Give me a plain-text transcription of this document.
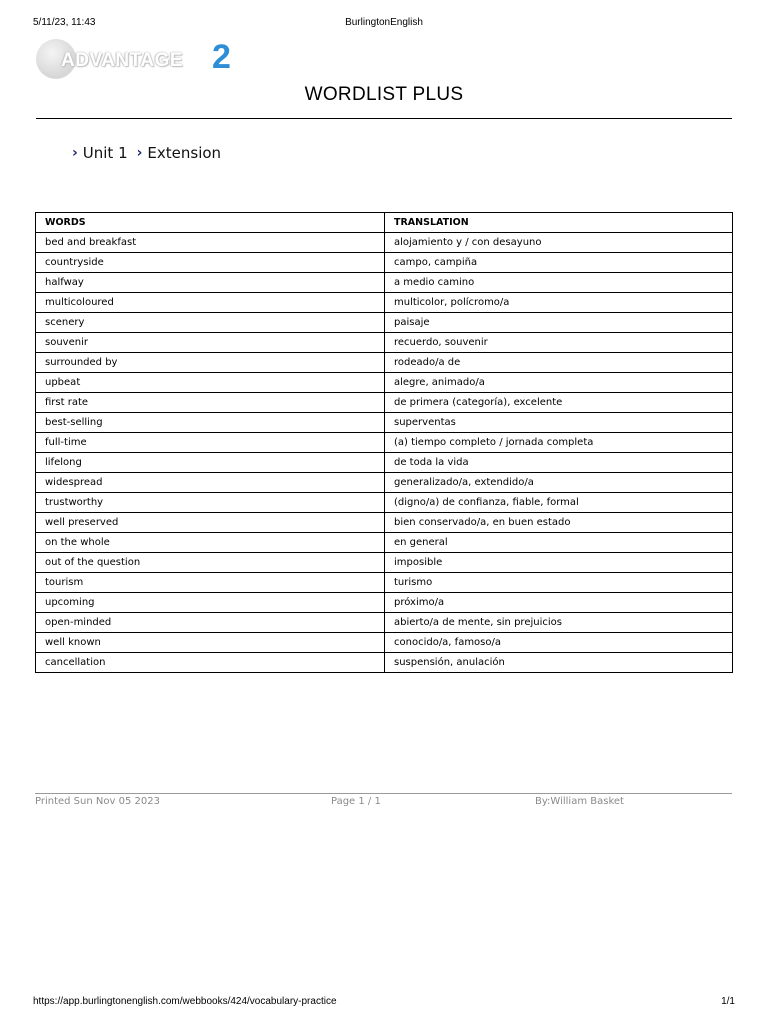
5/11/23, 11:43	BurlingtonEnglish
ADVANTAGE 2
WORDLIST PLUS
› Unit 1 › Extension
WORDS	TRANSLATION
bed and breakfast	alojamiento y / con desayuno
countryside	campo, campiña
halfway	a medio camino
multicoloured	multicolor, polícromo/a
scenery	paisaje
souvenir	recuerdo, souvenir
surrounded by	rodeado/a de
upbeat	alegre, animado/a
first rate	de primera (categoría), excelente
best-selling	superventas
full-time	(a) tiempo completo / jornada completa
lifelong	de toda la vida
widespread	generalizado/a, extendido/a
trustworthy	(digno/a) de confianza, fiable, formal
well preserved	bien conservado/a, en buen estado
on the whole	en general
out of the question	imposible
tourism	turismo
upcoming	próximo/a
open-minded	abierto/a de mente, sin prejuicios
well known	conocido/a, famoso/a
cancellation	suspensión, anulación
Printed Sun Nov 05 2023	Page 1 / 1	By:William Basket
https://app.burlingtonenglish.com/webbooks/424/vocabulary-practice	1/1
